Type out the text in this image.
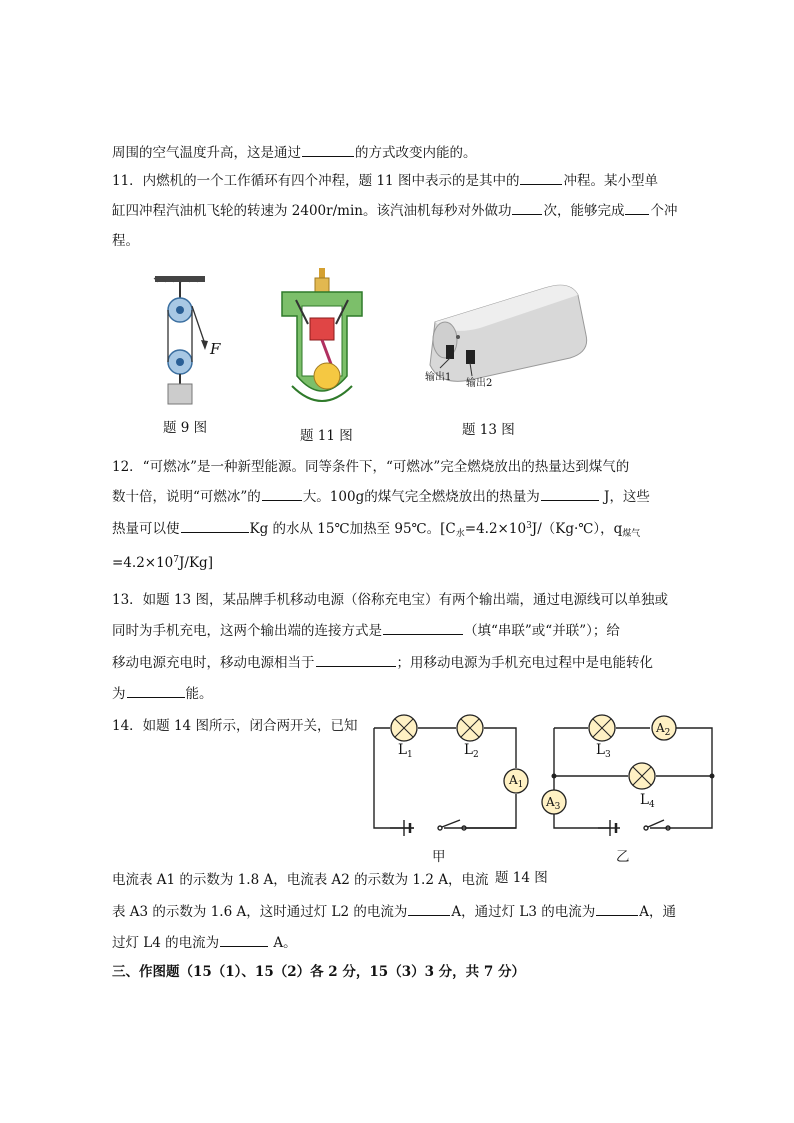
周围的空气温度升高，这是通过	的方式改变内能的。
11．内燃机的一个工作循环有四个冲程，题 11 图中表示的是其中的	冲程。某小型单
缸四冲程汽油机飞轮的转速为 2400r/min。该汽油机每秒对外做功 次，能够完成 个冲
程。
F
题 9 图	题 11 图
输出1
输出2
题 13 图
12．“可燃冰”是一种新型能源。同等条件下，“可燃冰”完全燃烧放出的热量达到煤气的
数十倍，说明“可燃冰”的	大。100g的煤气完全燃烧放出的热量为	J，这些
热量可以使	Kg 的水从 15℃加热至 95℃。[$C_水=4.2\times 10^3J/(Kg\cdot℃)$，$q_{煤气}$
$=4.2\times 10^7J/Kg$]
13．如题 13 图，某品牌手机移动电源（俗称充电宝）有两个输出端，通过电源线可以单独或
同时为手机充电，这两个输出端的连接方式是	（填“串联”或“并联”）；给
移动电源充电时，移动电源相当于	；用移动电源为手机充电过程中是电能转化
为	能。
14．如题 14 图所示，闭合两开关，已知
电流表 A1 的示数为 1.8 A，电流表 A2 的示数为 1.2 A，电流
表 A3 的示数为 1.6 A，这时通过灯 L2 的电流为	A，通过灯 L3 的电流为	A，通
过灯 L4 的电流为	A。
$L_1$	$L_2$
$A_1$
甲
$L_3$
$A_2$
$L_4$
$A_3$
乙
题 14 图
三、作图题（15（1）、15（2）各 2 分，15（3）3 分，共 7 分）
